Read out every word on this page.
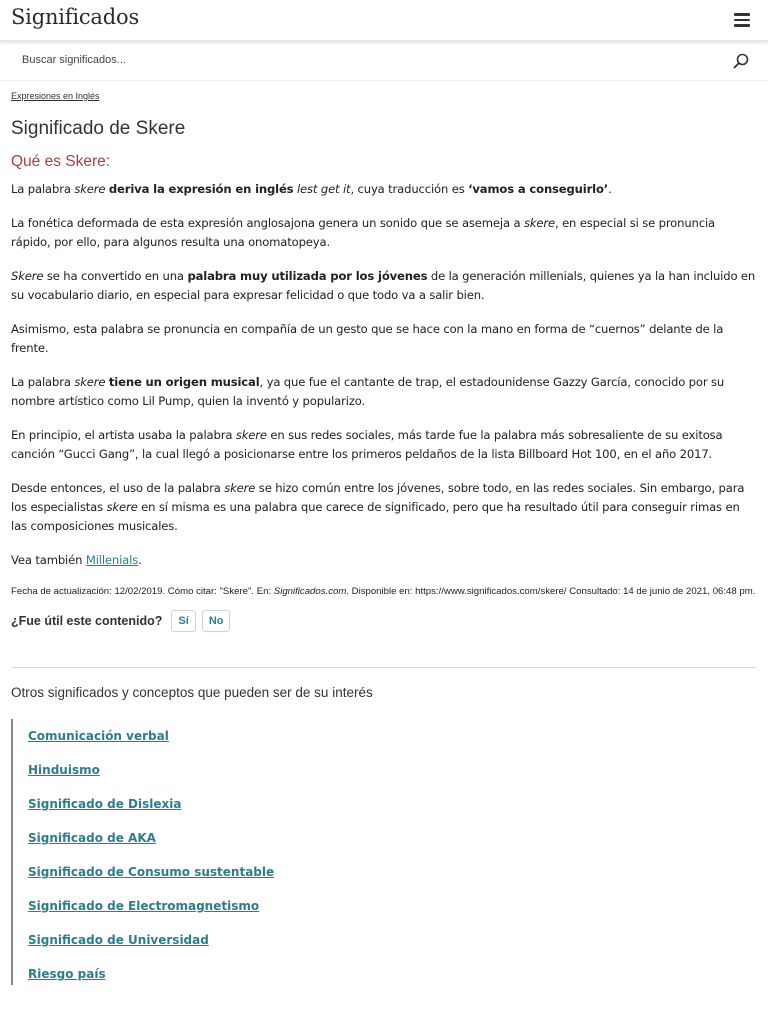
Significados
Buscar significados...
Expresiones en Inglés
Significado de Skere
Qué es Skere:

La palabra skere deriva la expresión en inglés lest get it, cuya traducción es ‘vamos a conseguirlo’.

La fonética deformada de esta expresión anglosajona genera un sonido que se asemeja a skere, en especial si se pronuncia rápido, por ello, para algunos resulta una onomatopeya.

Skere se ha convertido en una palabra muy utilizada por los jóvenes de la generación millenials, quienes ya la han incluido en su vocabulario diario, en especial para expresar felicidad o que todo va a salir bien.

Asimismo, esta palabra se pronuncia en compañía de un gesto que se hace con la mano en forma de “cuernos” delante de la frente.

La palabra skere tiene un origen musical, ya que fue el cantante de trap, el estadounidense Gazzy García, conocido por su nombre artístico como Lil Pump, quien la inventó y popularizo.

En principio, el artista usaba la palabra skere en sus redes sociales, más tarde fue la palabra más sobresaliente de su exitosa canción “Gucci Gang”, la cual llegó a posicionarse entre los primeros peldaños de la lista Billboard Hot 100, en el año 2017.

Desde entonces, el uso de la palabra skere se hizo común entre los jóvenes, sobre todo, en las redes sociales. Sin embargo, para los especialistas skere en sí misma es una palabra que carece de significado, pero que ha resultado útil para conseguir rimas en las composiciones musicales.

Vea también Millenials.

Fecha de actualización: 12/02/2019. Cómo citar: "Skere". En: Significados.com. Disponible en: https://www.significados.com/skere/ Consultado: 14 de junio de 2021, 06:48 pm.
¿Fue útil este contenido?	Sí	No
Otros significados y conceptos que pueden ser de su interés
Comunicación verbal
Hinduismo
Significado de Dislexia
Significado de AKA
Significado de Consumo sustentable
Significado de Electromagnetismo
Significado de Universidad
Riesgo país
